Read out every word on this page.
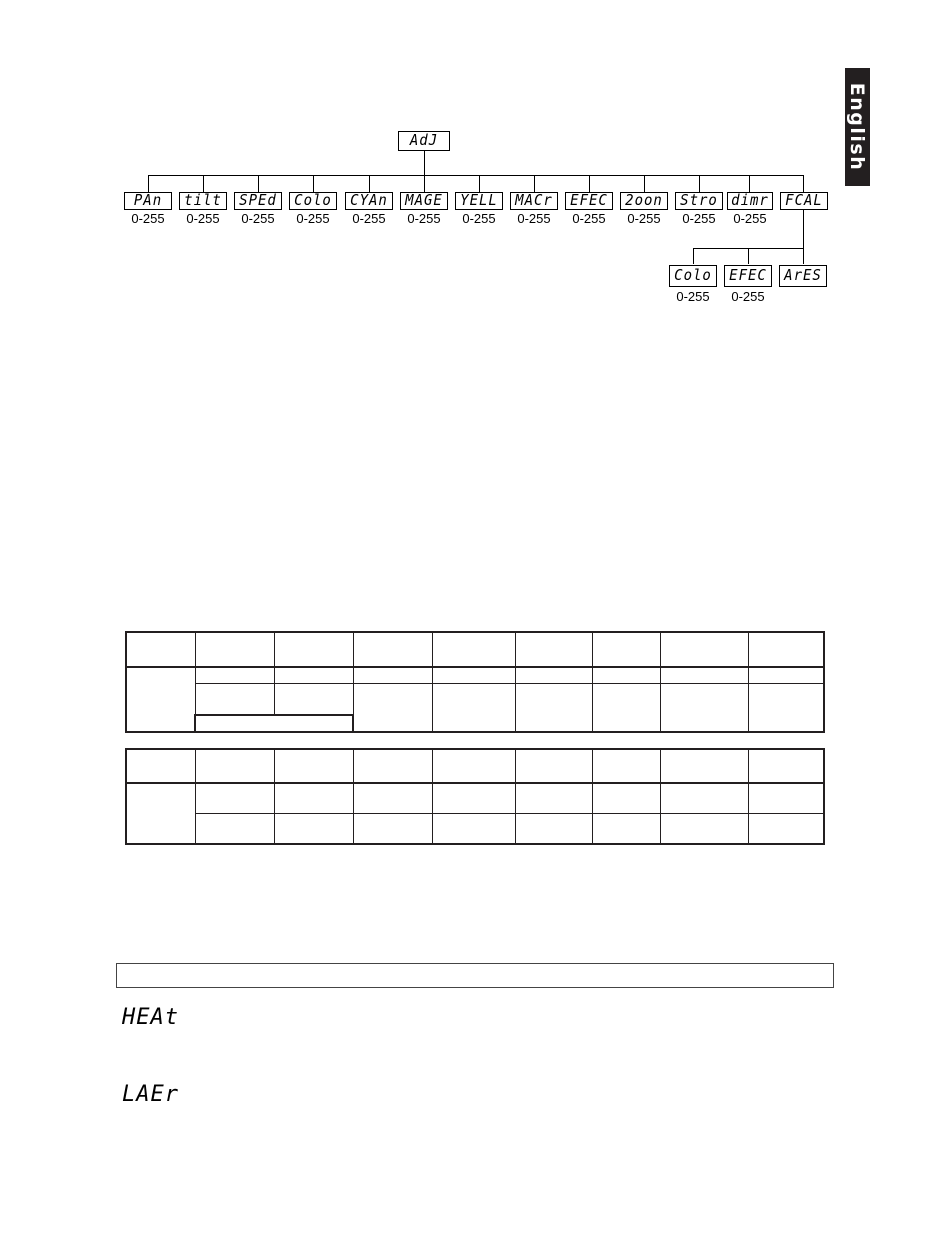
English
AdJ
PAn
0-255
tilt
0-255
SPEd
0-255
Colo
0-255
CYAn
0-255
MAGE
0-255
YELL
0-255
MACr
0-255
EFEC
0-255
2oon
0-255
Stro
0-255
dimr
0-255
FCAL
Colo
0-255
EFEC
0-255
ArES

HEAt
LAEr
